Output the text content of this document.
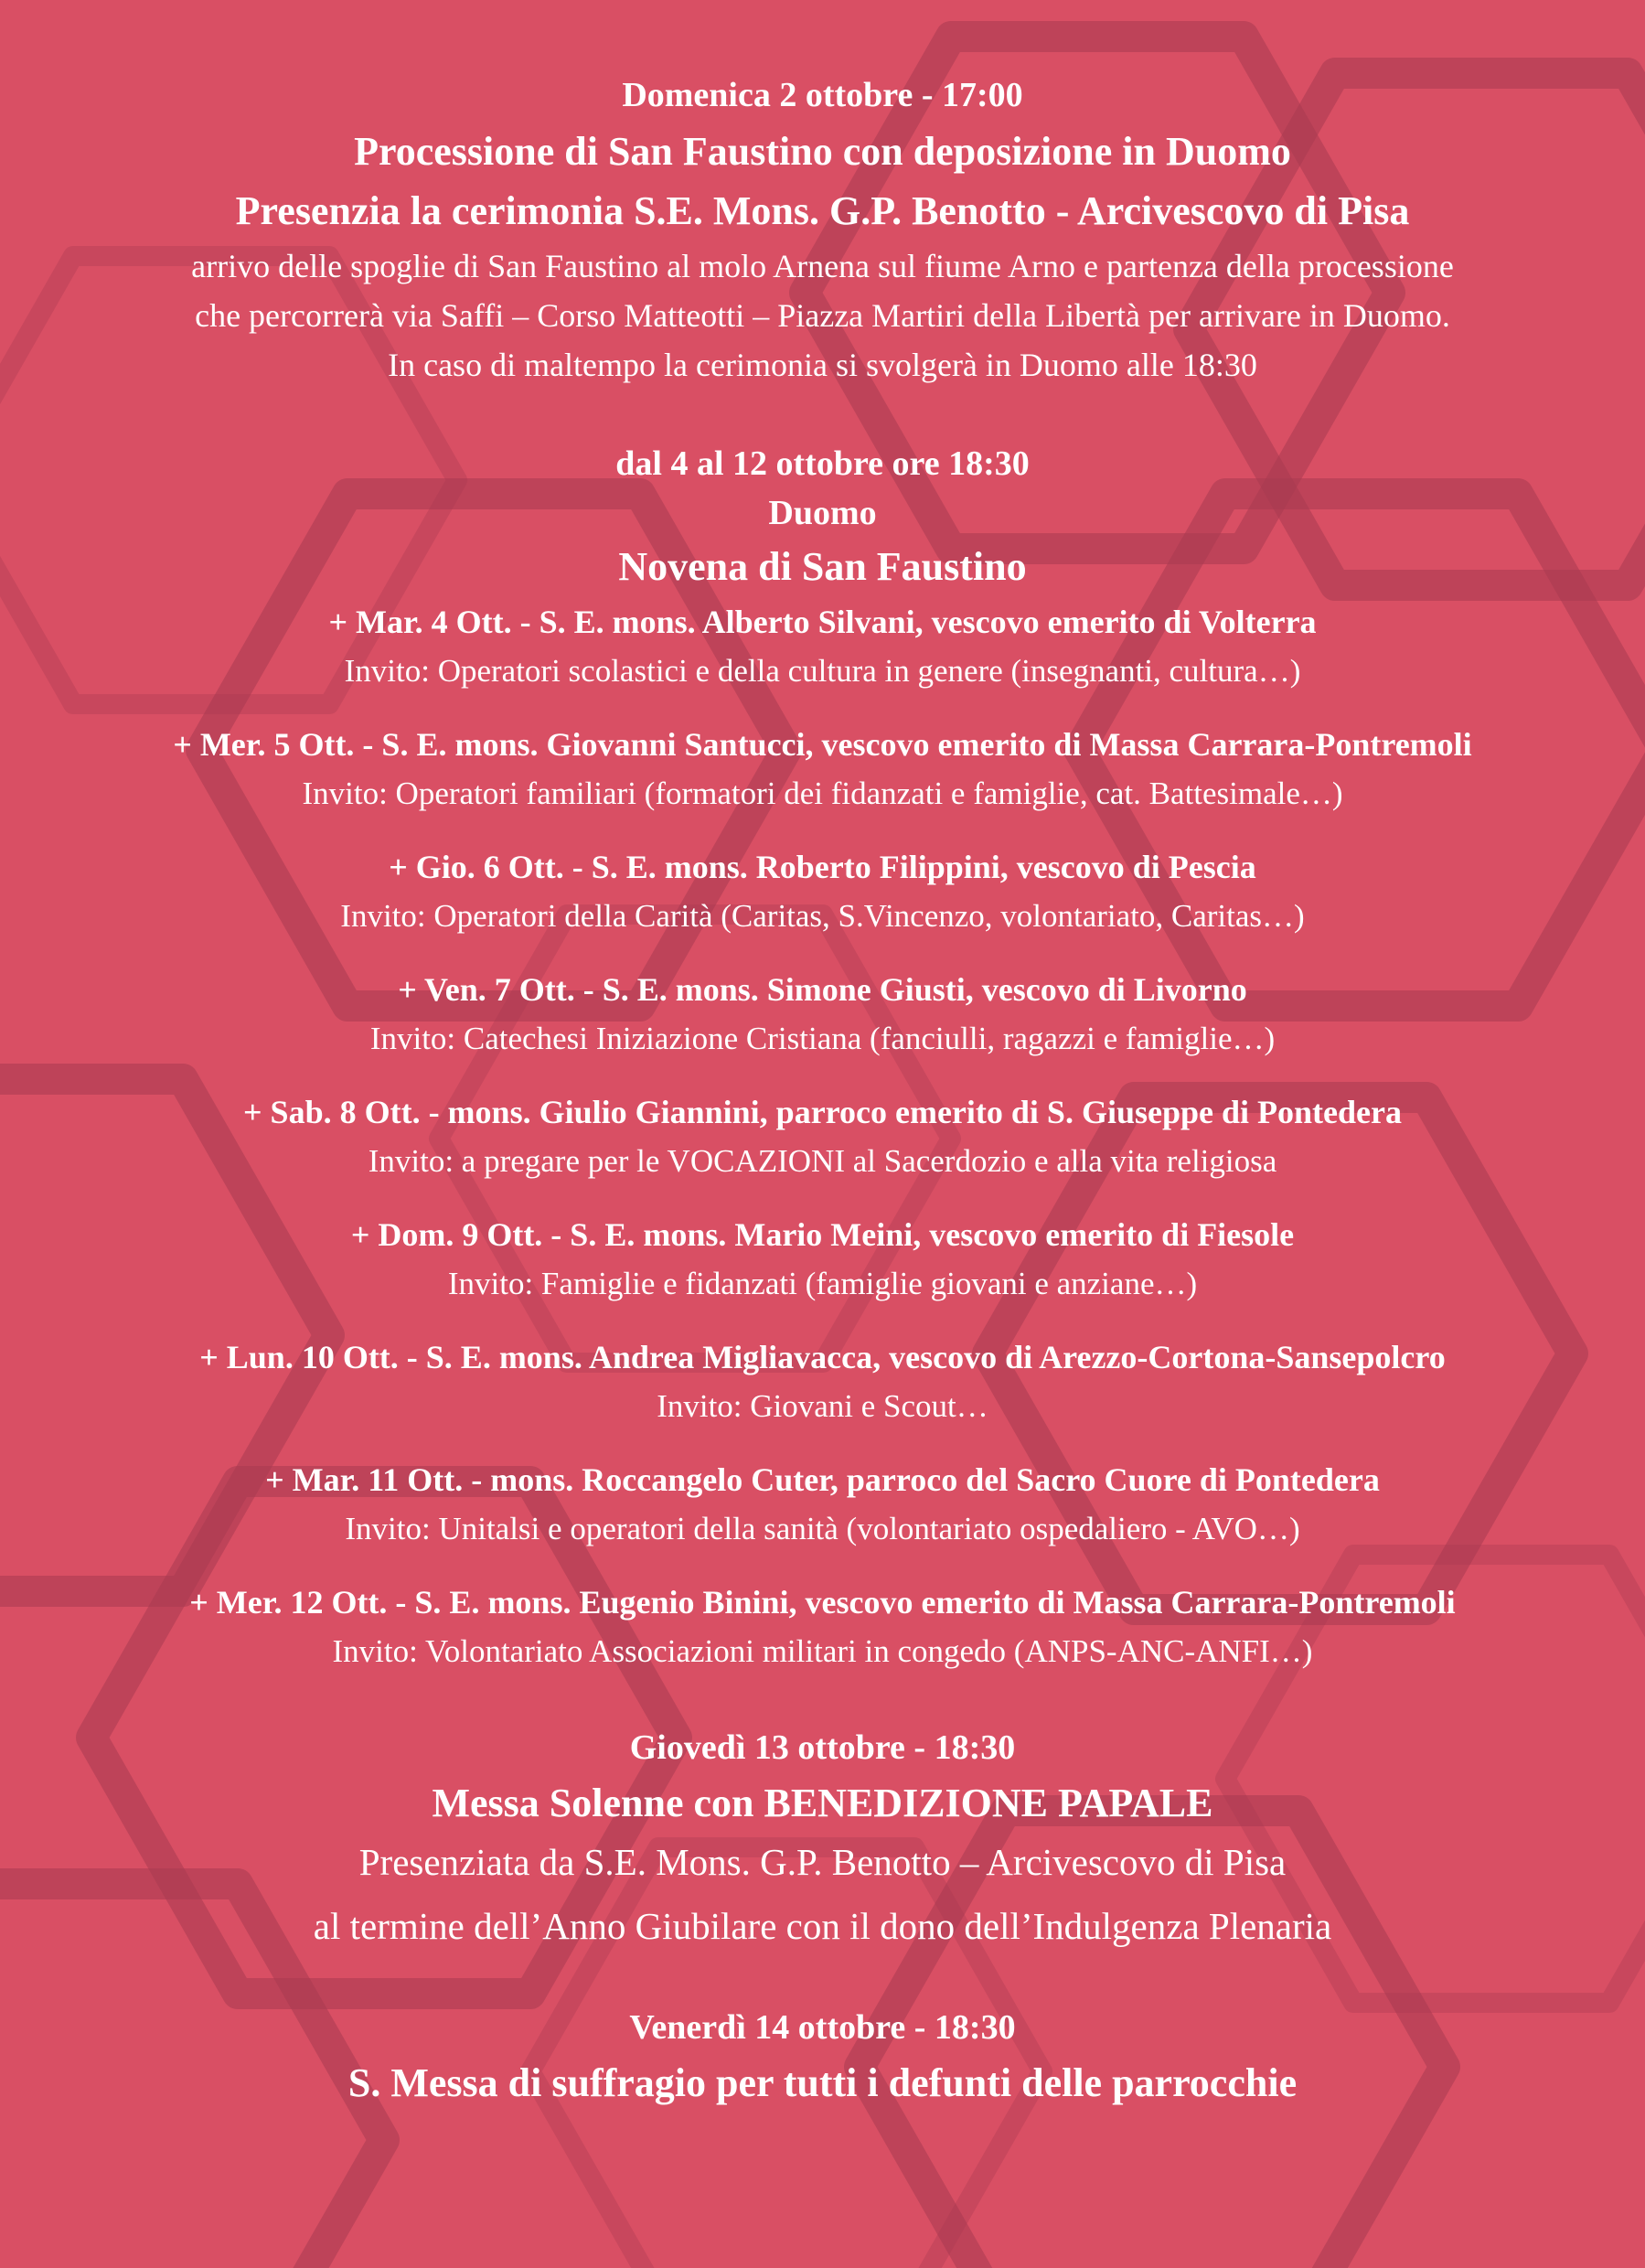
Domenica 2 ottobre - 17:00
Processione di San Faustino con deposizione in Duomo
Presenzia la cerimonia S.E. Mons. G.P. Benotto - Arcivescovo di Pisa
arrivo delle spoglie di San Faustino al molo Arnena sul fiume Arno e partenza della processione
che percorrerà via Saffi – Corso Matteotti – Piazza Martiri della Libertà per arrivare in Duomo.
In caso di maltempo la cerimonia si svolgerà in Duomo alle 18:30
dal 4 al 12 ottobre ore 18:30
Duomo
Novena di San Faustino
+ Mar. 4 Ott. - S. E. mons. Alberto Silvani, vescovo emerito di Volterra
Invito: Operatori scolastici e della cultura in genere (insegnanti, cultura…)
+ Mer. 5 Ott. - S. E. mons. Giovanni Santucci, vescovo emerito di Massa Carrara-Pontremoli
Invito: Operatori familiari (formatori dei fidanzati e famiglie, cat. Battesimale…)
+ Gio. 6 Ott. - S. E. mons. Roberto Filippini, vescovo di Pescia
Invito: Operatori della Carità (Caritas, S.Vincenzo, volontariato, Caritas…)
+ Ven. 7 Ott. - S. E. mons. Simone Giusti, vescovo di Livorno
Invito: Catechesi Iniziazione Cristiana (fanciulli, ragazzi e famiglie…)
+ Sab. 8 Ott. - mons. Giulio Giannini, parroco emerito di S. Giuseppe di Pontedera
Invito: a pregare per le VOCAZIONI al Sacerdozio e alla vita religiosa
+ Dom. 9 Ott. - S. E. mons. Mario Meini, vescovo emerito di Fiesole
Invito: Famiglie e fidanzati (famiglie giovani e anziane…)
+ Lun. 10 Ott. - S. E. mons. Andrea Migliavacca, vescovo di Arezzo-Cortona-Sansepolcro
Invito: Giovani e Scout…
+ Mar. 11 Ott. - mons. Roccangelo Cuter, parroco del Sacro Cuore di Pontedera
Invito: Unitalsi e operatori della sanità (volontariato ospedaliero - AVO…)
+ Mer. 12 Ott. - S. E. mons. Eugenio Binini, vescovo emerito di Massa Carrara-Pontremoli
Invito: Volontariato Associazioni militari in congedo (ANPS-ANC-ANFI…)
Giovedì 13 ottobre - 18:30
Messa Solenne con BENEDIZIONE PAPALE
Presenziata da S.E. Mons. G.P. Benotto – Arcivescovo di Pisa
al termine dell’Anno Giubilare con il dono dell’Indulgenza Plenaria
Venerdì 14 ottobre - 18:30
S. Messa di suffragio per tutti i defunti delle parrocchie
